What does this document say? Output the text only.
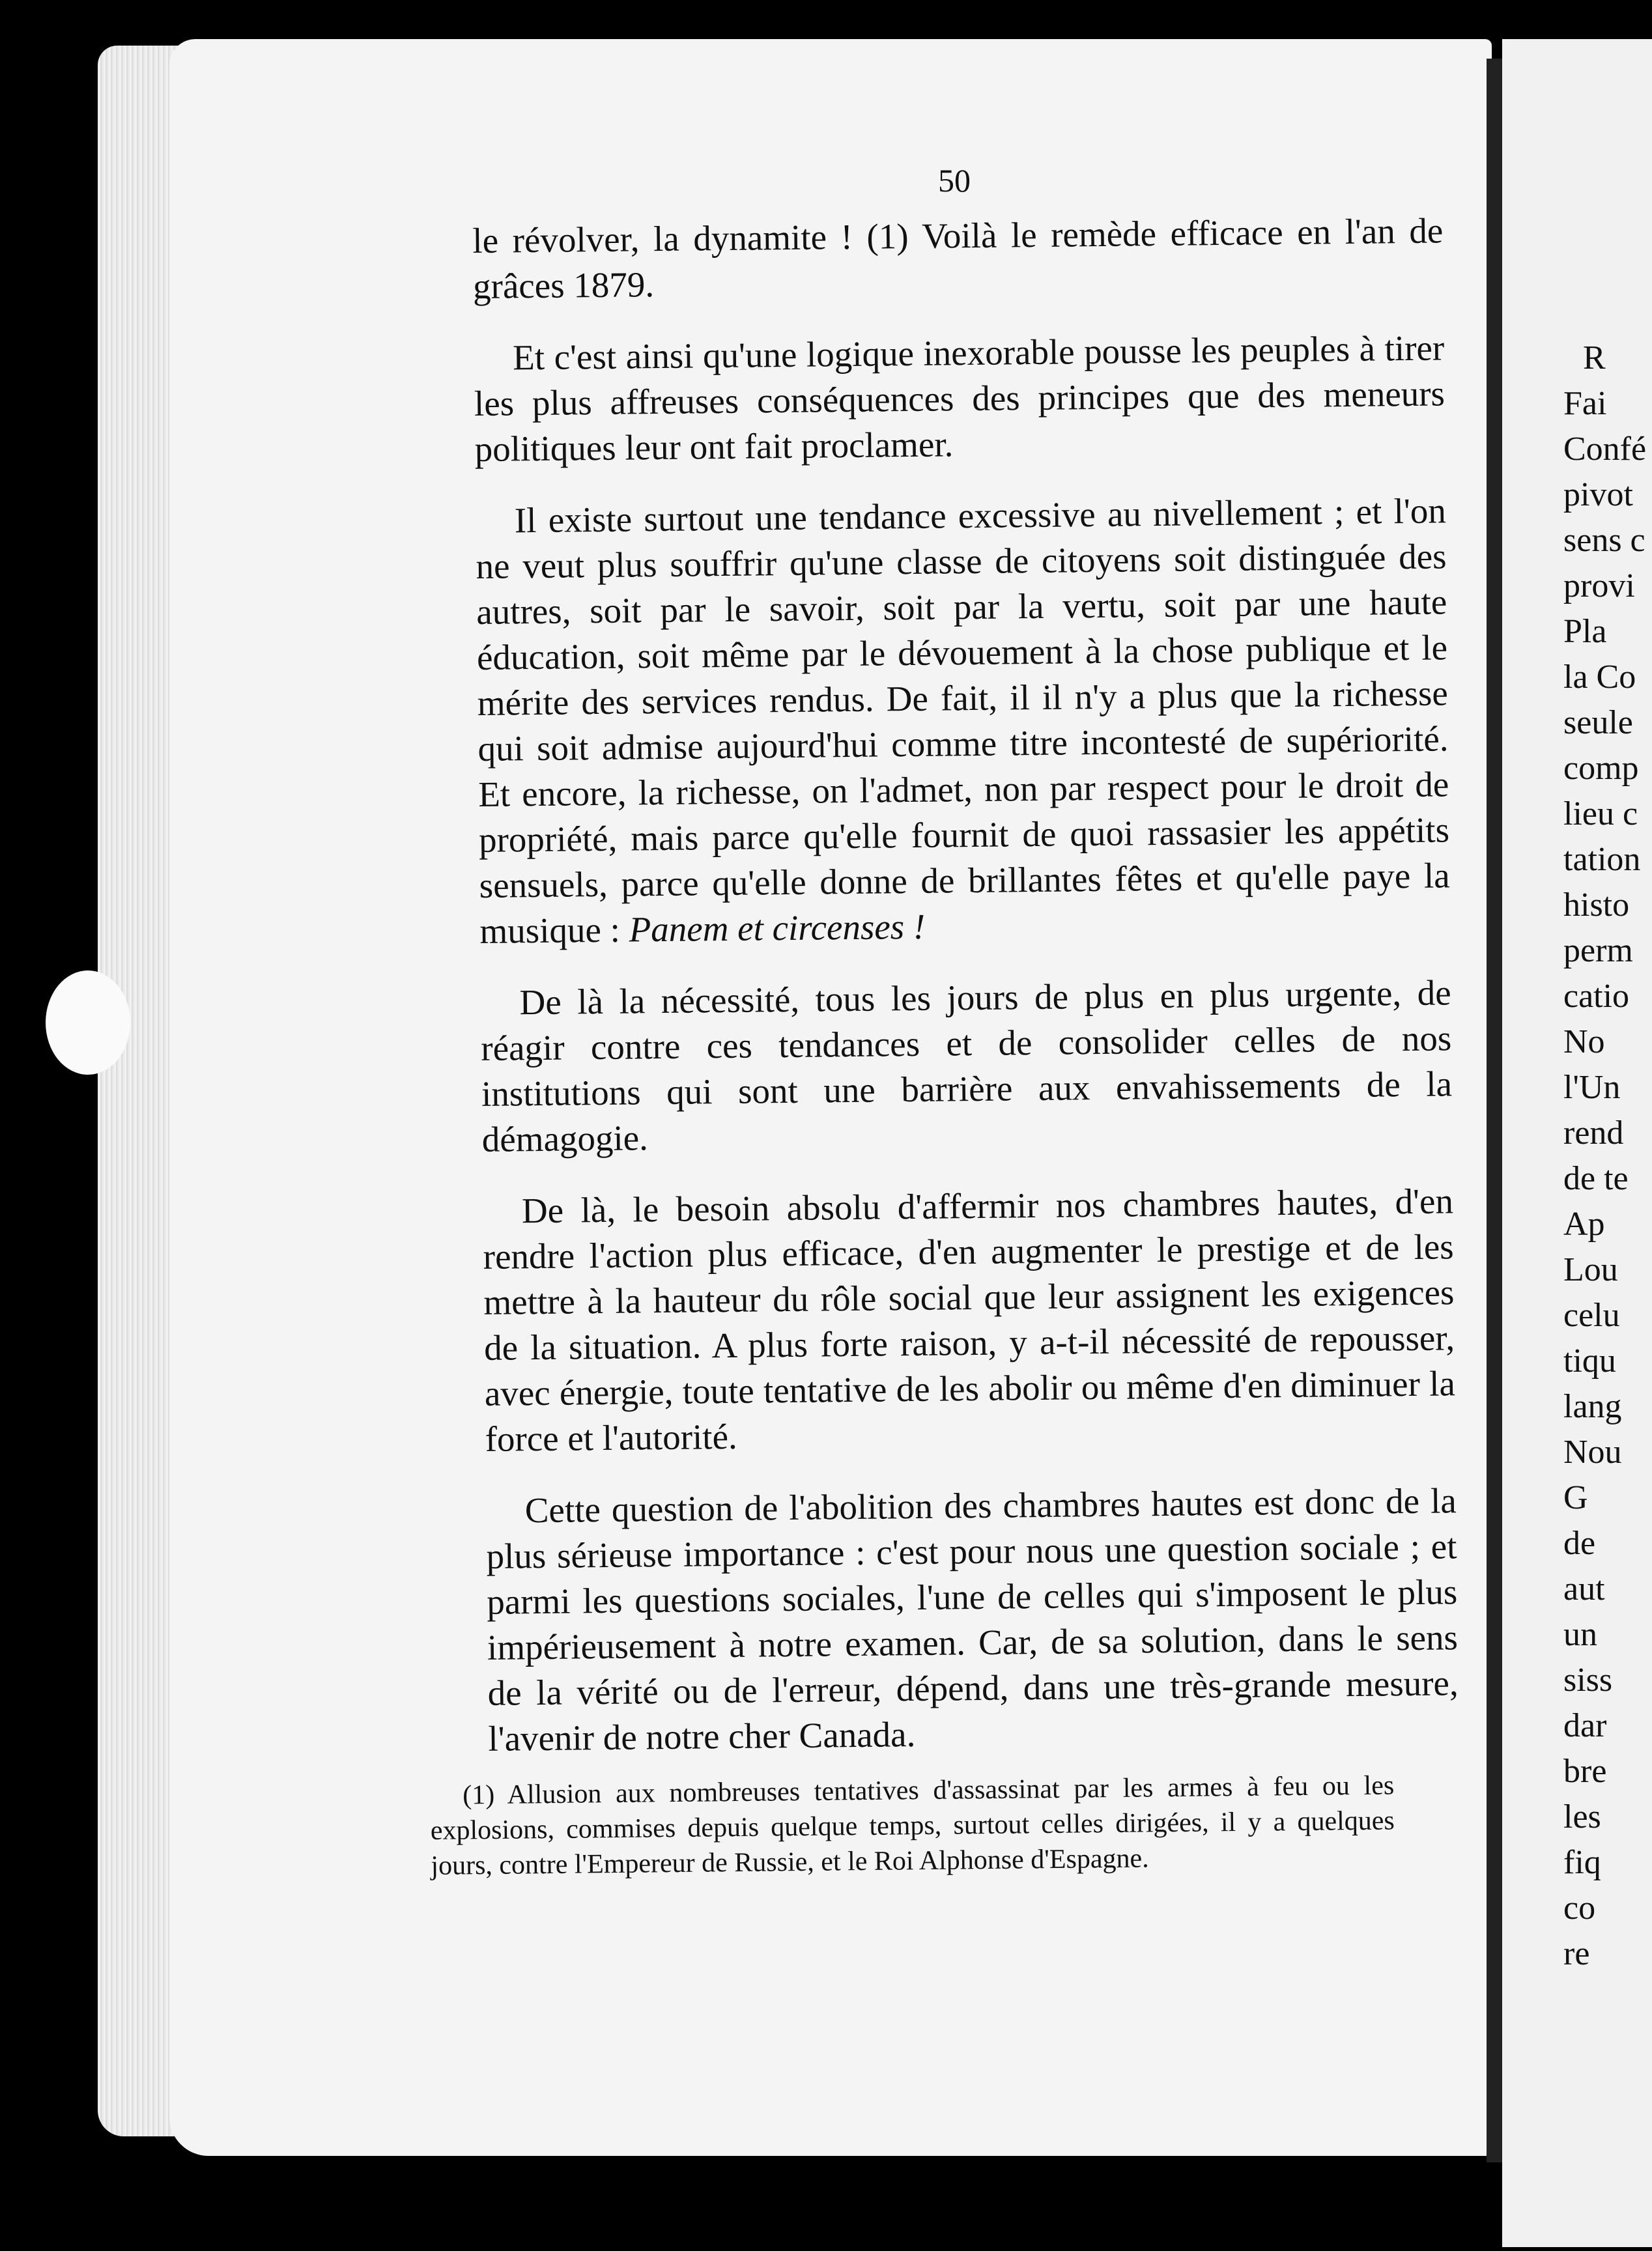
50

le révolver, la dynamite ! (1) Voilà le remède efficace en l'an de grâces 1879.

Et c'est ainsi qu'une logique inexorable pousse les peuples à tirer les plus affreuses conséquences des principes que des meneurs politiques leur ont fait proclamer.

Il existe surtout une tendance excessive au nivellement ; et l'on ne veut plus souffrir qu'une classe de citoyens soit distinguée des autres, soit par le savoir, soit par la vertu, soit par une haute éducation, soit même par le dévouement à la chose publique et le mérite des services rendus. De fait, il il n'y a plus que la richesse qui soit admise aujourd'hui comme titre incontesté de supériorité. Et encore, la richesse, on l'admet, non par respect pour le droit de propriété, mais parce qu'elle fournit de quoi rassasier les appétits sensuels, parce qu'elle donne de brillantes fêtes et qu'elle paye la musique : Panem et circenses !

De là la nécessité, tous les jours de plus en plus urgente, de réagir contre ces tendances et de consolider celles de nos institutions qui sont une barrière aux envahissements de la démagogie.

De là, le besoin absolu d'affermir nos chambres hautes, d'en rendre l'action plus efficace, d'en augmenter le prestige et de les mettre à la hauteur du rôle social que leur assignent les exigences de la situation. A plus forte raison, y a-t-il nécessité de repousser, avec énergie, toute tentative de les abolir ou même d'en diminuer la force et l'autorité.

Cette question de l'abolition des chambres hautes est donc de la plus sérieuse importance : c'est pour nous une question sociale ; et parmi les questions sociales, l'une de celles qui s'imposent le plus impérieusement à notre examen. Car, de sa solution, dans le sens de la vérité ou de l'erreur, dépend, dans une très-grande mesure, l'avenir de notre cher Canada.

(1) Allusion aux nombreuses tentatives d'assassinat par les armes à feu ou les explosions, commises depuis quelque temps, surtout celles dirigées, il y a quelques jours, contre l'Empereur de Russie, et le Roi Alphonse d'Espagne.

R
Fai
Confé
pivot
sens c
provi
Pla
la Co
seule
comp
lieu c
tation
histo
perm
catio
No
l'Un
rend
de te
Ap
Lou
celu
tiqu
lang
Nou
G
de
aut
un
siss
dar
bre
les
fiq
co
re
